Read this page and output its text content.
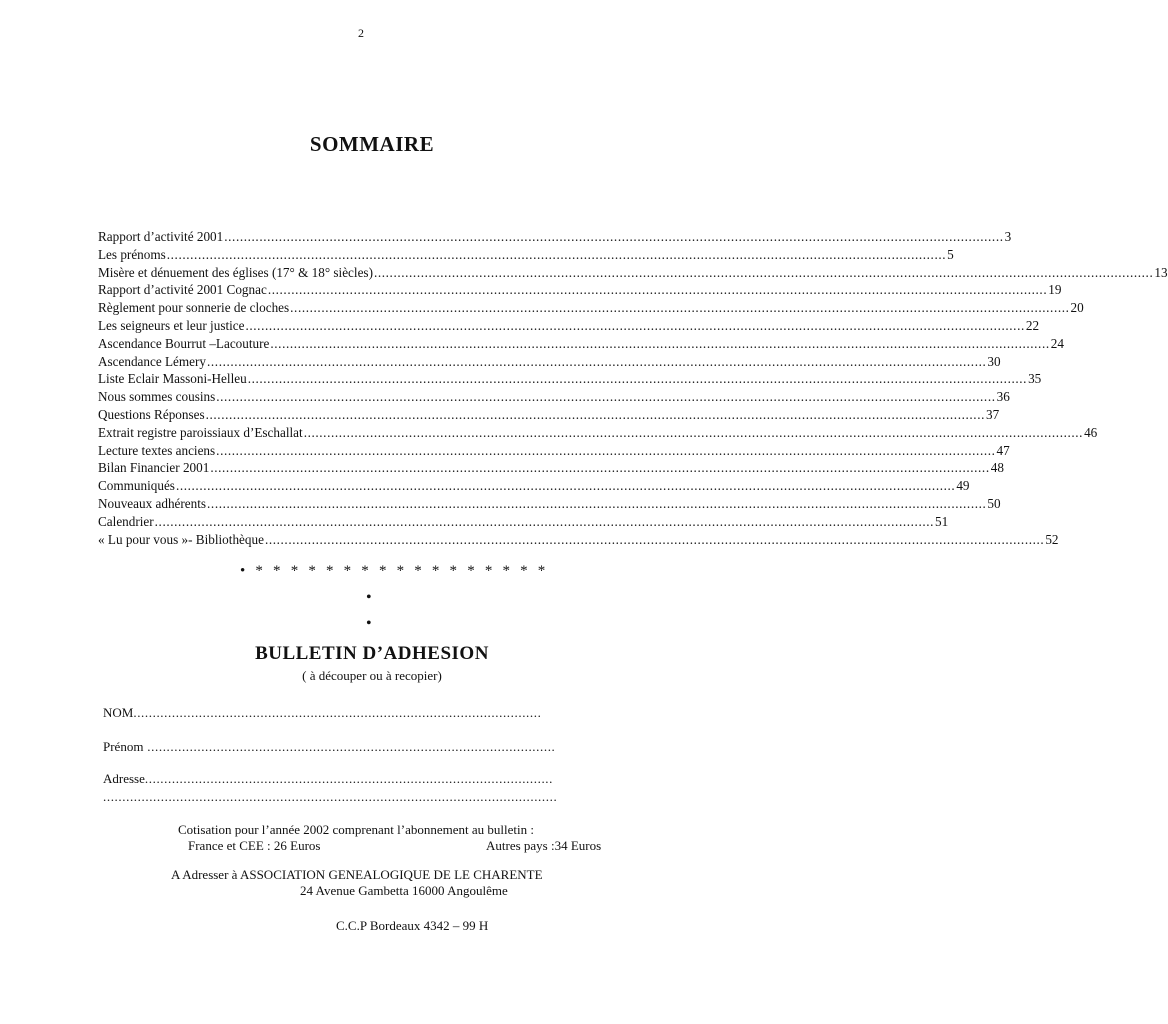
2
SOMMAIRE
Rapport d’activité 2001 ........................................................................................................................................................................................................ 3
Les prénoms ........................................................................................................................................................................................................ 5
Misère et dénuement des églises (17° & 18° siècles) ........................................................................................................................................................................................................ 13
Rapport d’activité 2001 Cognac ........................................................................................................................................................................................................ 19
Règlement pour sonnerie de cloches ........................................................................................................................................................................................................ 20
Les seigneurs et leur justice ........................................................................................................................................................................................................ 22
Ascendance Bourrut –Lacouture ........................................................................................................................................................................................................ 24
Ascendance Lémery ........................................................................................................................................................................................................ 30
Liste Eclair Massoni-Helleu ........................................................................................................................................................................................................ 35
Nous sommes cousins ........................................................................................................................................................................................................ 36
Questions Réponses ........................................................................................................................................................................................................ 37
Extrait registre paroissiaux d’Eschallat ........................................................................................................................................................................................................ 46
Lecture textes anciens ........................................................................................................................................................................................................ 47
Bilan Financier 2001 ........................................................................................................................................................................................................ 48
Communiqués ........................................................................................................................................................................................................ 49
Nouveaux adhérents ........................................................................................................................................................................................................ 50
Calendrier ........................................................................................................................................................................................................ 51
« Lu pour vous »- Bibliothèque ........................................................................................................................................................................................................ 52
• * * * * * * * * * * * * * * * * *
•
•
BULLETIN D’ADHESION
( à découper ou à recopier)
NOM ..........................................................................................................
Prénom ..........................................................................................................
Adresse ..........................................................................................................
......................................................................................................................
Cotisation pour l’année 2002 comprenant l’abonnement au bulletin :
France et CEE : 26 Euros	Autres pays :34 Euros
A Adresser à ASSOCIATION GENEALOGIQUE DE LE CHARENTE
24 Avenue Gambetta 16000 Angoulême
C.C.P Bordeaux 4342 – 99 H
